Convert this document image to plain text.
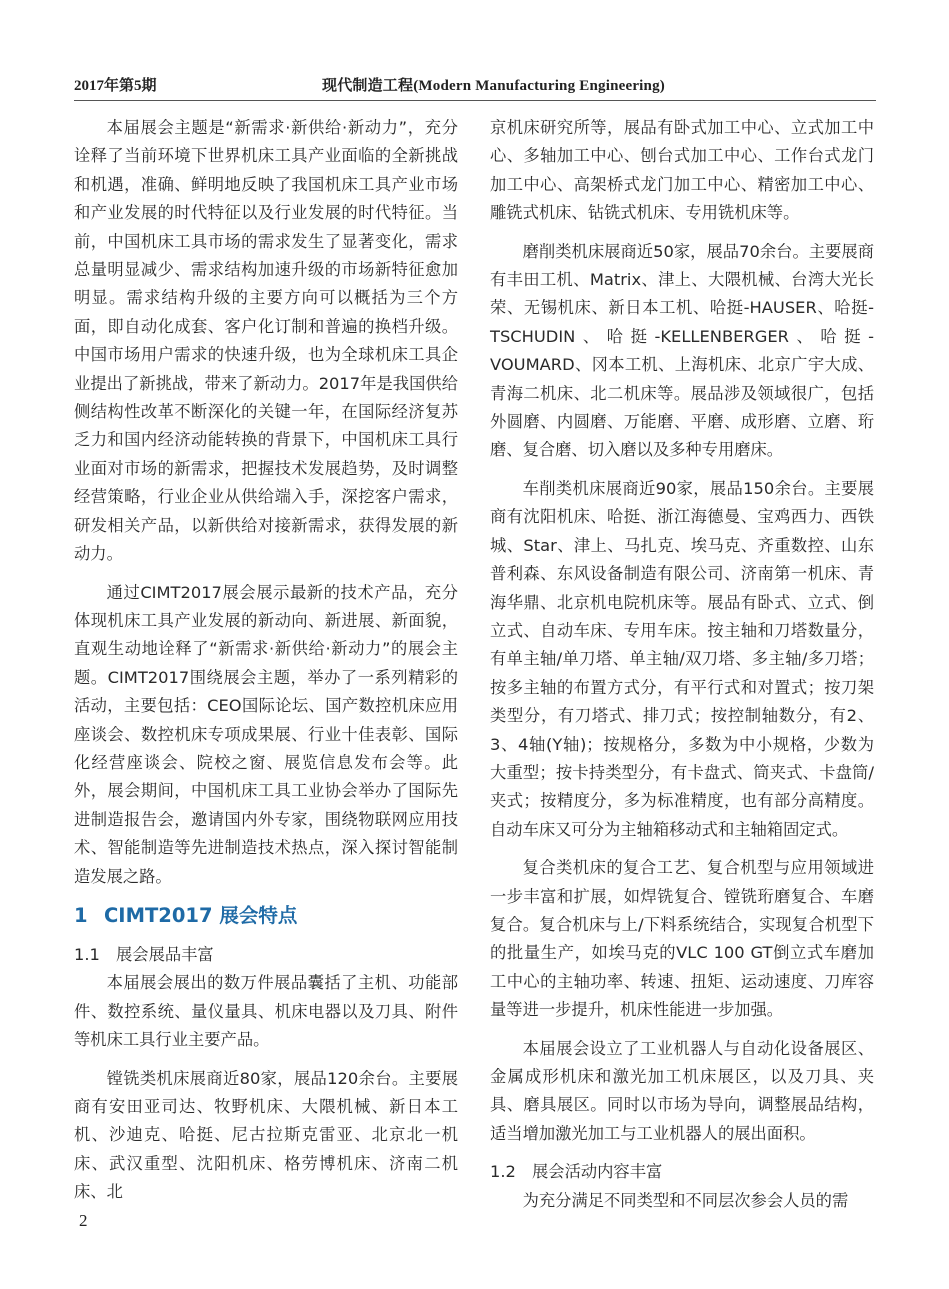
2017年第5期	现代制造工程(Modern Manufacturing Engineering)

本届展会主题是“新需求·新供给·新动力”，充分诠释了当前环境下世界机床工具产业面临的全新挑战和机遇，准确、鲜明地反映了我国机床工具产业市场和产业发展的时代特征以及行业发展的时代特征。当前，中国机床工具市场的需求发生了显著变化，需求总量明显减少、需求结构加速升级的市场新特征愈加明显。需求结构升级的主要方向可以概括为三个方面，即自动化成套、客户化订制和普遍的换档升级。中国市场用户需求的快速升级，也为全球机床工具企业提出了新挑战，带来了新动力。2017年是我国供给侧结构性改革不断深化的关键一年，在国际经济复苏乏力和国内经济动能转换的背景下，中国机床工具行业面对市场的新需求，把握技术发展趋势，及时调整经营策略，行业企业从供给端入手，深挖客户需求，研发相关产品，以新供给对接新需求，获得发展的新动力。

通过CIMT2017展会展示最新的技术产品，充分体现机床工具产业发展的新动向、新进展、新面貌，直观生动地诠释了“新需求·新供给·新动力”的展会主题。CIMT2017围绕展会主题，举办了一系列精彩的活动，主要包括：CEO国际论坛、国产数控机床应用座谈会、数控机床专项成果展、行业十佳表彰、国际化经营座谈会、院校之窗、展览信息发布会等。此外，展会期间，中国机床工具工业协会举办了国际先进制造报告会，邀请国内外专家，围绕物联网应用技术、智能制造等先进制造技术热点，深入探讨智能制造发展之路。

1 CIMT2017 展会特点
1.1 展会展品丰富

本届展会展出的数万件展品囊括了主机、功能部件、数控系统、量仪量具、机床电器以及刀具、附件等机床工具行业主要产品。

镗铣类机床展商近80家，展品120余台。主要展商有安田亚司达、牧野机床、大隈机械、新日本工机、沙迪克、哈挺、尼古拉斯克雷亚、北京北一机床、武汉重型、沈阳机床、格劳博机床、济南二机床、北

京机床研究所等，展品有卧式加工中心、立式加工中心、多轴加工中心、刨台式加工中心、工作台式龙门加工中心、高架桥式龙门加工中心、精密加工中心、雕铣式机床、钻铣式机床、专用铣机床等。

磨削类机床展商近50家，展品70余台。主要展商有丰田工机、Matrix、津上、大隈机械、台湾大光长荣、无锡机床、新日本工机、哈挺-HAUSER、哈挺-TSCHUDIN、哈挺-KELLENBERGER、哈挺-VOUMARD、冈本工机、上海机床、北京广宇大成、青海二机床、北二机床等。展品涉及领域很广，包括外圆磨、内圆磨、万能磨、平磨、成形磨、立磨、珩磨、复合磨、切入磨以及多种专用磨床。

车削类机床展商近90家，展品150余台。主要展商有沈阳机床、哈挺、浙江海德曼、宝鸡西力、西铁城、Star、津上、马扎克、埃马克、齐重数控、山东普利森、东风设备制造有限公司、济南第一机床、青海华鼎、北京机电院机床等。展品有卧式、立式、倒立式、自动车床、专用车床。按主轴和刀塔数量分，有单主轴/单刀塔、单主轴/双刀塔、多主轴/多刀塔；按多主轴的布置方式分，有平行式和对置式；按刀架类型分，有刀塔式、排刀式；按控制轴数分，有2、3、4轴(Y轴)；按规格分，多数为中小规格，少数为大重型；按卡持类型分，有卡盘式、筒夹式、卡盘筒/夹式；按精度分，多为标准精度，也有部分高精度。自动车床又可分为主轴箱移动式和主轴箱固定式。

复合类机床的复合工艺、复合机型与应用领域进一步丰富和扩展，如焊铣复合、镗铣珩磨复合、车磨复合。复合机床与上/下料系统结合，实现复合机型下的批量生产，如埃马克的VLC 100 GT倒立式车磨加工中心的主轴功率、转速、扭矩、运动速度、刀库容量等进一步提升，机床性能进一步加强。

本届展会设立了工业机器人与自动化设备展区、金属成形机床和激光加工机床展区，以及刀具、夹具、磨具展区。同时以市场为导向，调整展品结构，适当增加激光加工与工业机器人的展出面积。

1.2 展会活动内容丰富

为充分满足不同类型和不同层次参会人员的需

2
